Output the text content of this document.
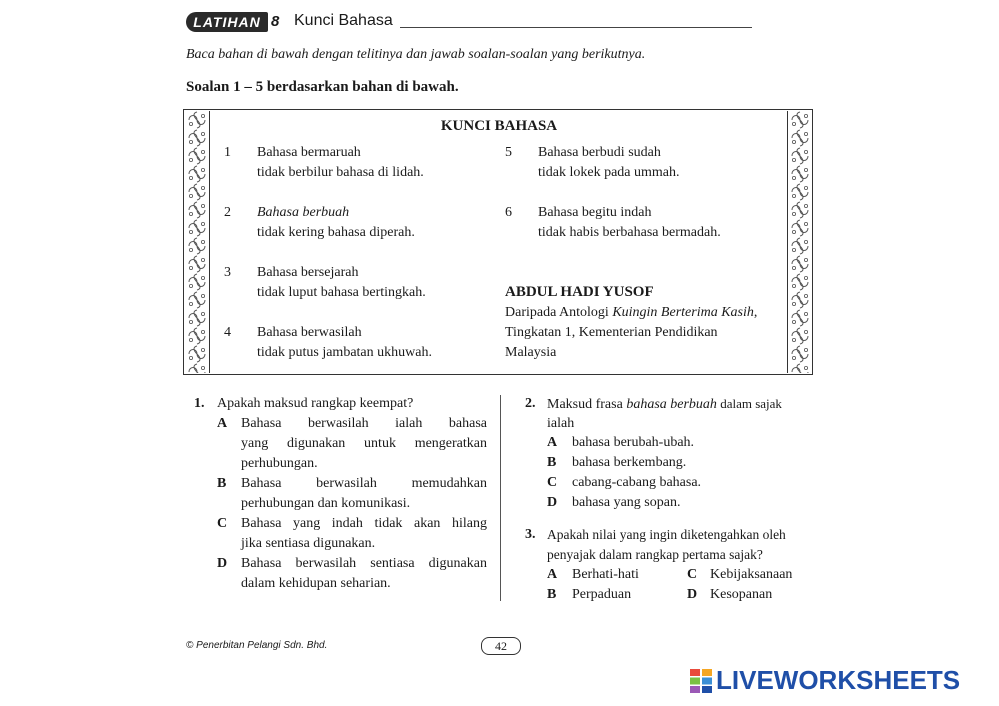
LATIHAN 8 Kunci Bahasa
Baca bahan di bawah dengan telitinya dan jawab soalan-soalan yang berikutnya.
Soalan 1 – 5 berdasarkan bahan di bawah.
KUNCI BAHASA
1 Bahasa bermaruah
tidak berbilur bahasa di lidah.
2 Bahasa berbuah
tidak kering bahasa diperah.
3 Bahasa bersejarah
tidak luput bahasa bertingkah.
4 Bahasa berwasilah
tidak putus jambatan ukhuwah.
5 Bahasa berbudi sudah
tidak lokek pada ummah.
6 Bahasa begitu indah
tidak habis berbahasa bermadah.
ABDUL HADI YUSOF
Daripada Antologi Kuingin Berterima Kasih,
Tingkatan 1, Kementerian Pendidikan
Malaysia
1. Apakah maksud rangkap keempat?
A Bahasa berwasilah ialah bahasa
yang digunakan untuk mengeratkan
perhubungan.
B Bahasa berwasilah memudahkan
perhubungan dan komunikasi.
C Bahasa yang indah tidak akan hilang
jika sentiasa digunakan.
D Bahasa berwasilah sentiasa digunakan
dalam kehidupan seharian.
2. Maksud frasa bahasa berbuah dalam sajak
ialah
A bahasa berubah-ubah.
B bahasa berkembang.
C cabang-cabang bahasa.
D bahasa yang sopan.
3. Apakah nilai yang ingin diketengahkan oleh
penyajak dalam rangkap pertama sajak?
A Berhati-hati	C Kebijaksanaan
B Perpaduan	D Kesopanan
© Penerbitan Pelangi Sdn. Bhd.	42
LIVEWORKSHEETS
